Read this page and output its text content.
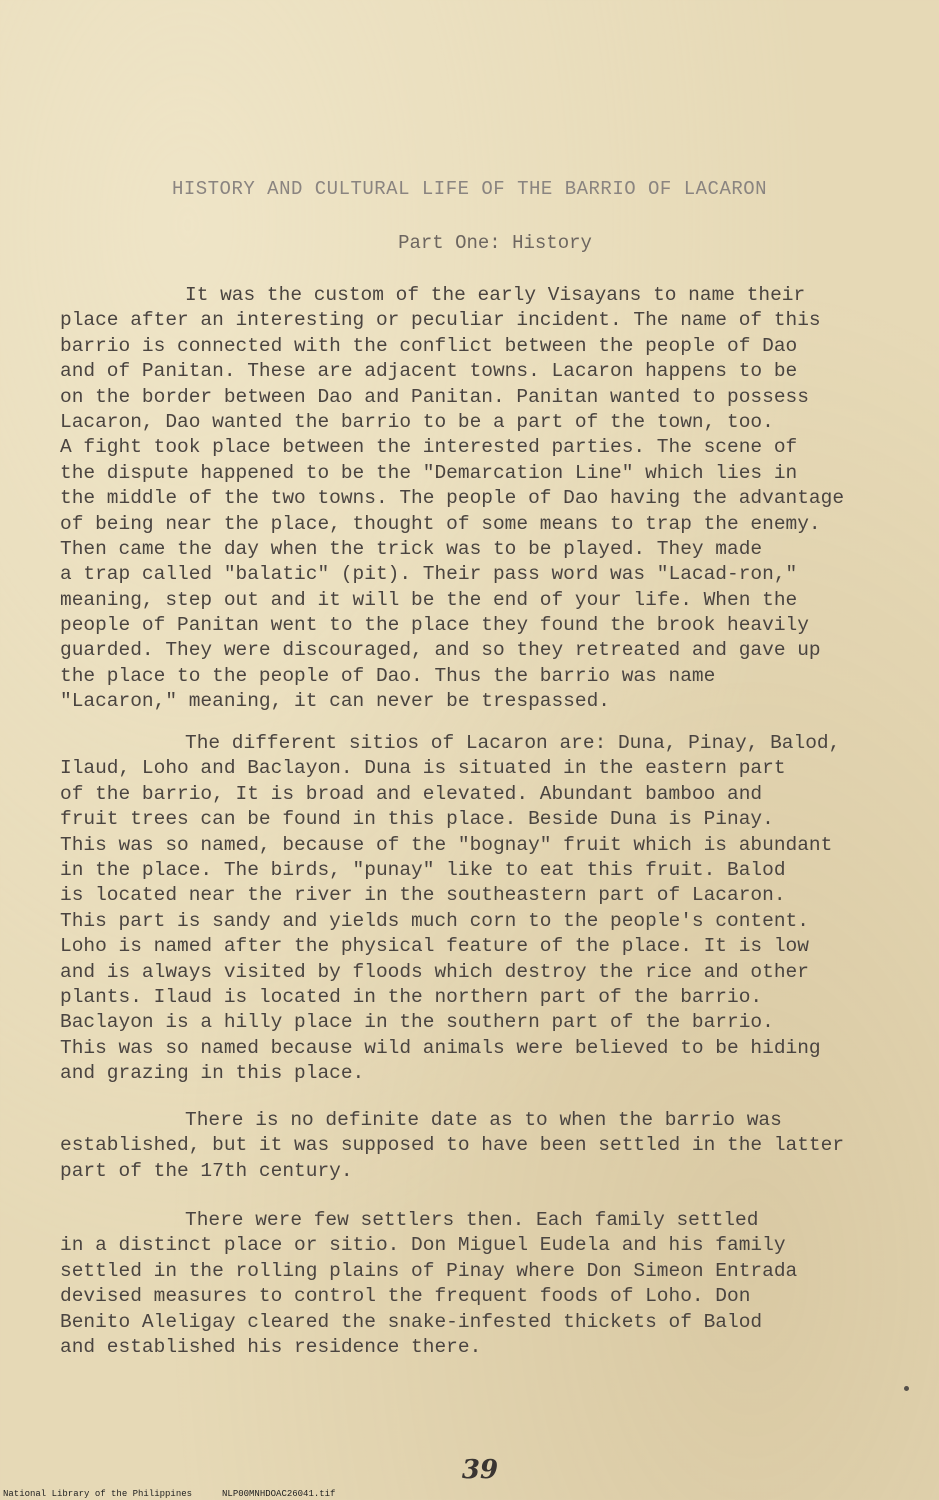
HISTORY AND CULTURAL LIFE OF THE BARRIO OF LACARON
Part One: History
It was the custom of the early Visayans to name their
place after an interesting or peculiar incident. The name of this
barrio is connected with the conflict between the people of Dao
and of Panitan. These are adjacent towns. Lacaron happens to be
on the border between Dao and Panitan. Panitan wanted to possess
Lacaron, Dao wanted the barrio to be a part of the town, too.
A fight took place between the interested parties. The scene of
the dispute happened to be the "Demarcation Line" which lies in
the middle of the two towns. The people of Dao having the advantage
of being near the place, thought of some means to trap the enemy.
Then came the day when the trick was to be played. They made
a trap called "balatic" (pit). Their pass word was "Lacad-ron,"
meaning, step out and it will be the end of your life. When the
people of Panitan went to the place they found the brook heavily
guarded. They were discouraged, and so they retreated and gave up
the place to the people of Dao. Thus the barrio was name
"Lacaron," meaning, it can never be trespassed.
The different sitios of Lacaron are: Duna, Pinay, Balod,
Ilaud, Loho and Baclayon. Duna is situated in the eastern part
of the barrio, It is broad and elevated. Abundant bamboo and
fruit trees can be found in this place. Beside Duna is Pinay.
This was so named, because of the "bognay" fruit which is abundant
in the place. The birds, "punay" like to eat this fruit. Balod
is located near the river in the southeastern part of Lacaron.
This part is sandy and yields much corn to the people's content.
Loho is named after the physical feature of the place. It is low
and is always visited by floods which destroy the rice and other
plants. Ilaud is located in the northern part of the barrio.
Baclayon is a hilly place in the southern part of the barrio.
This was so named because wild animals were believed to be hiding
and grazing in this place.
There is no definite date as to when the barrio was
established, but it was supposed to have been settled in the latter
part of the 17th century.
There were few settlers then. Each family settled
in a distinct place or sitio. Don Miguel Eudela and his family
settled in the rolling plains of Pinay where Don Simeon Entrada
devised measures to control the frequent foods of Loho. Don
Benito Aleligay cleared the snake-infested thickets of Balod
and established his residence there.
39
National Library of the Philippines	NLP00MNHDOAC26041.tif
